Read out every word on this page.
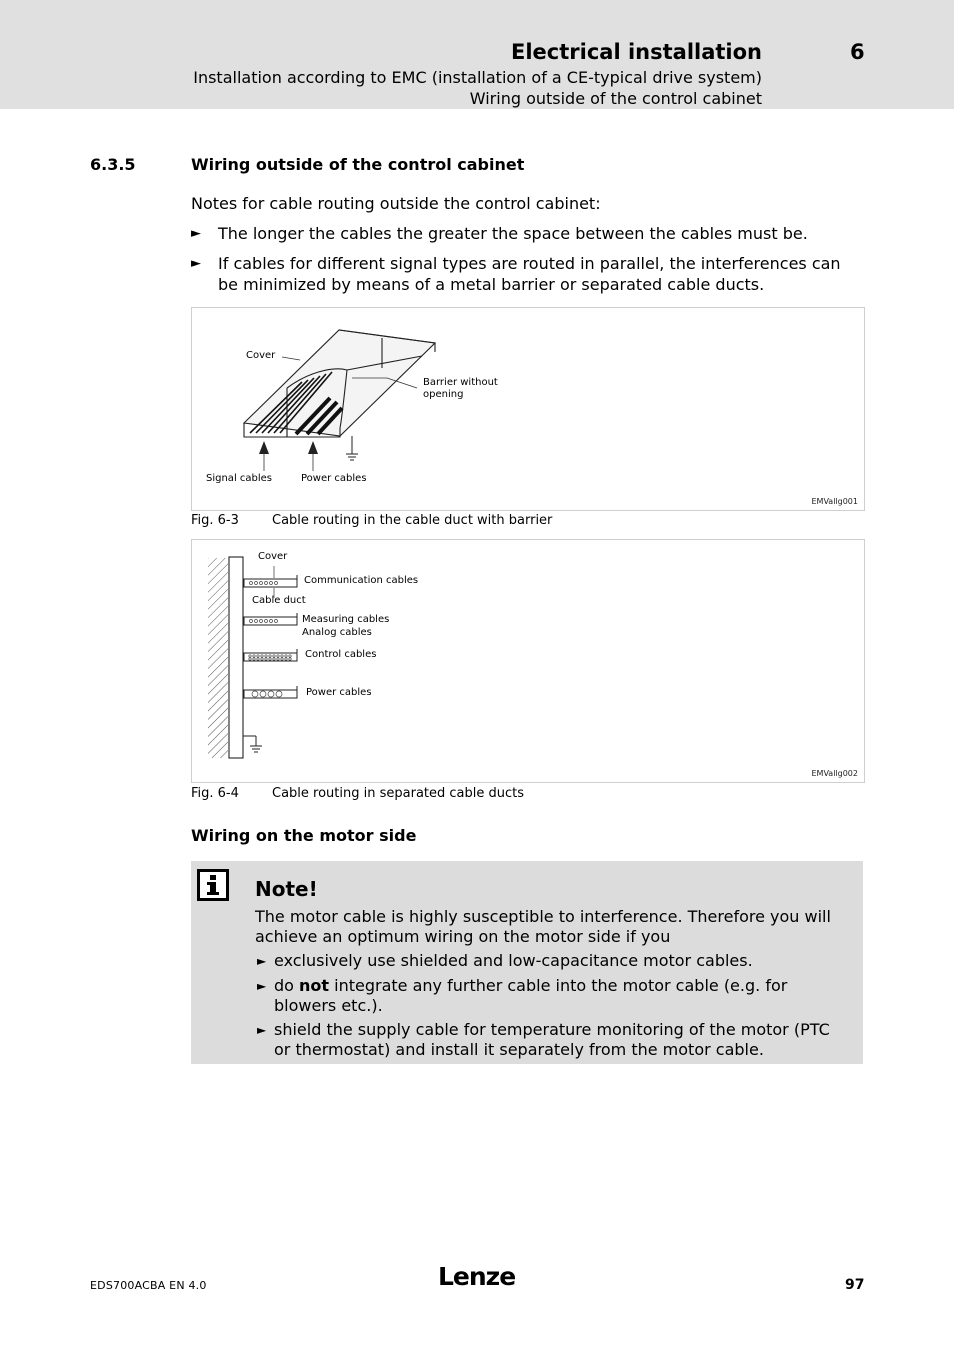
Electrical installation	6
Installation according to EMC (installation of a CE-typical drive system)
Wiring outside of the control cabinet
6.3.5	Wiring outside of the control cabinet
Notes for cable routing outside the control cabinet:
► The longer the cables the greater the space between the cables must be.
► If cables for different signal types are routed in parallel, the interferences can be minimized by means of a metal barrier or separated cable ducts.
Cover
Barrier without
opening
Signal cables	Power cables
EMVallg001
Fig. 6-3	Cable routing in the cable duct with barrier
Cover
Communication cables
Cable duct
Measuring cables
Analog cables
Control cables
Power cables
EMVallg002
Fig. 6-4	Cable routing in separated cable ducts
Wiring on the motor side
Note!
The motor cable is highly susceptible to interference. Therefore you will achieve an optimum wiring on the motor side if you
► exclusively use shielded and low-capacitance motor cables.
► do not integrate any further cable into the motor cable (e.g. for blowers etc.).
► shield the supply cable for temperature monitoring of the motor (PTC or thermostat) and install it separately from the motor cable.
EDS700ACBA EN 4.0	Lenze	97
